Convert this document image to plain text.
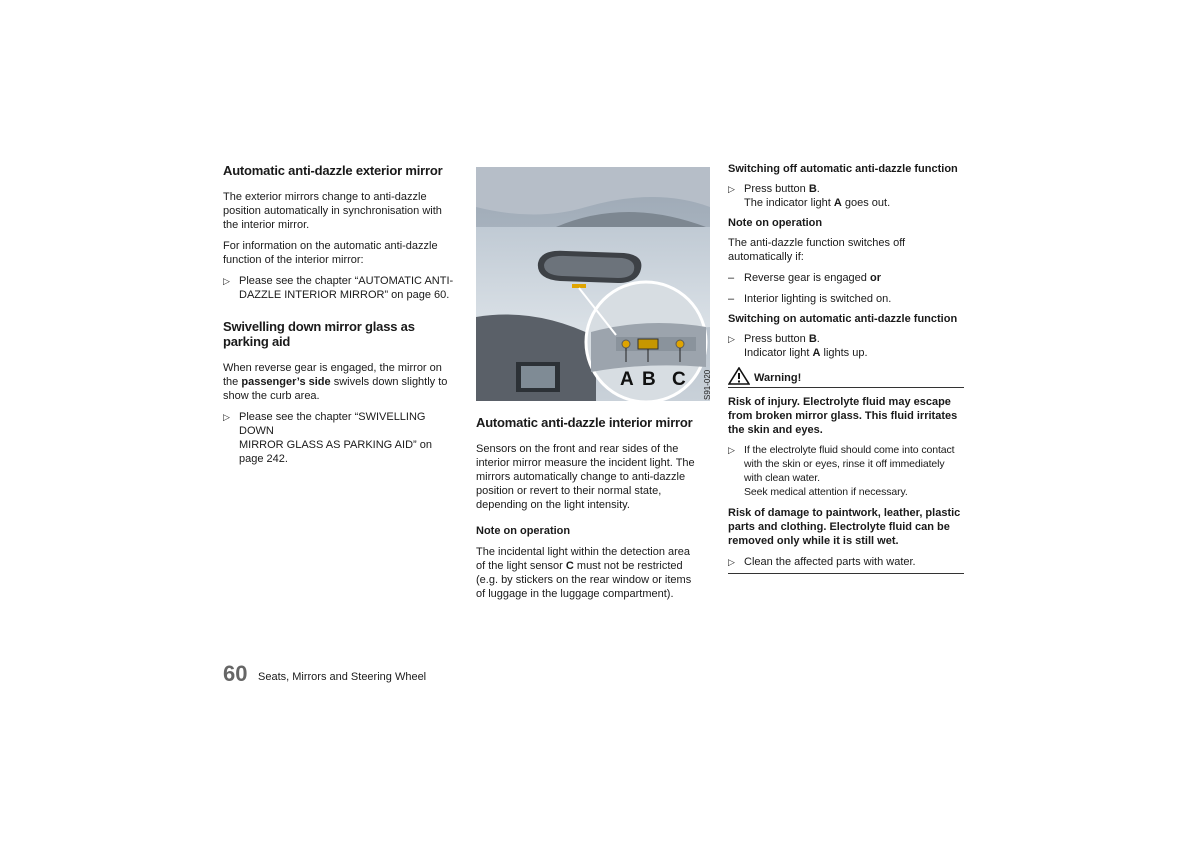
Automatic anti-dazzle exterior mirror

The exterior mirrors change to anti-dazzle position automatically in synchronisation with the interior mirror.

For information on the automatic anti-dazzle function of the interior mirror:

▷ Please see the chapter “AUTOMATIC ANTI-
DAZZLE INTERIOR MIRROR” on page 60.
Swivelling down mirror glass as
parking aid

When reverse gear is engaged, the mirror on the passenger’s side swivels down slightly to show the curb area.

▷ Please see the chapter “SWIVELLING DOWN
MIRROR GLASS AS PARKING AID” on
page 242.
A B C S91-020
Automatic anti-dazzle interior mirror

Sensors on the front and rear sides of the interior mirror measure the incident light. The mirrors automatically change to anti-dazzle position or revert to their normal state, depending on the light intensity.

Note on operation

The incidental light within the detection area
of the light sensor C must not be restricted
(e.g. by stickers on the rear window or items
of luggage in the luggage compartment).

Switching off automatic anti-dazzle function
▷ Press button B.
The indicator light A goes out.
Note on operation

The anti-dazzle function switches off automatically if:

– Reverse gear is engaged or
– Interior lighting is switched on.
Switching on automatic anti-dazzle function
▷ Press button B.
Indicator light A lights up.
Warning!

Risk of injury. Electrolyte fluid may escape from broken mirror glass. This fluid irritates the skin and eyes.

▷ If the electrolyte fluid should come into contact
with the skin or eyes, rinse it off immediately
with clean water.
Seek medical attention if necessary.

Risk of damage to paintwork, leather, plastic parts and clothing. Electrolyte fluid can be removed only while it is still wet.

▷ Clean the affected parts with water.
60 Seats, Mirrors and Steering Wheel
